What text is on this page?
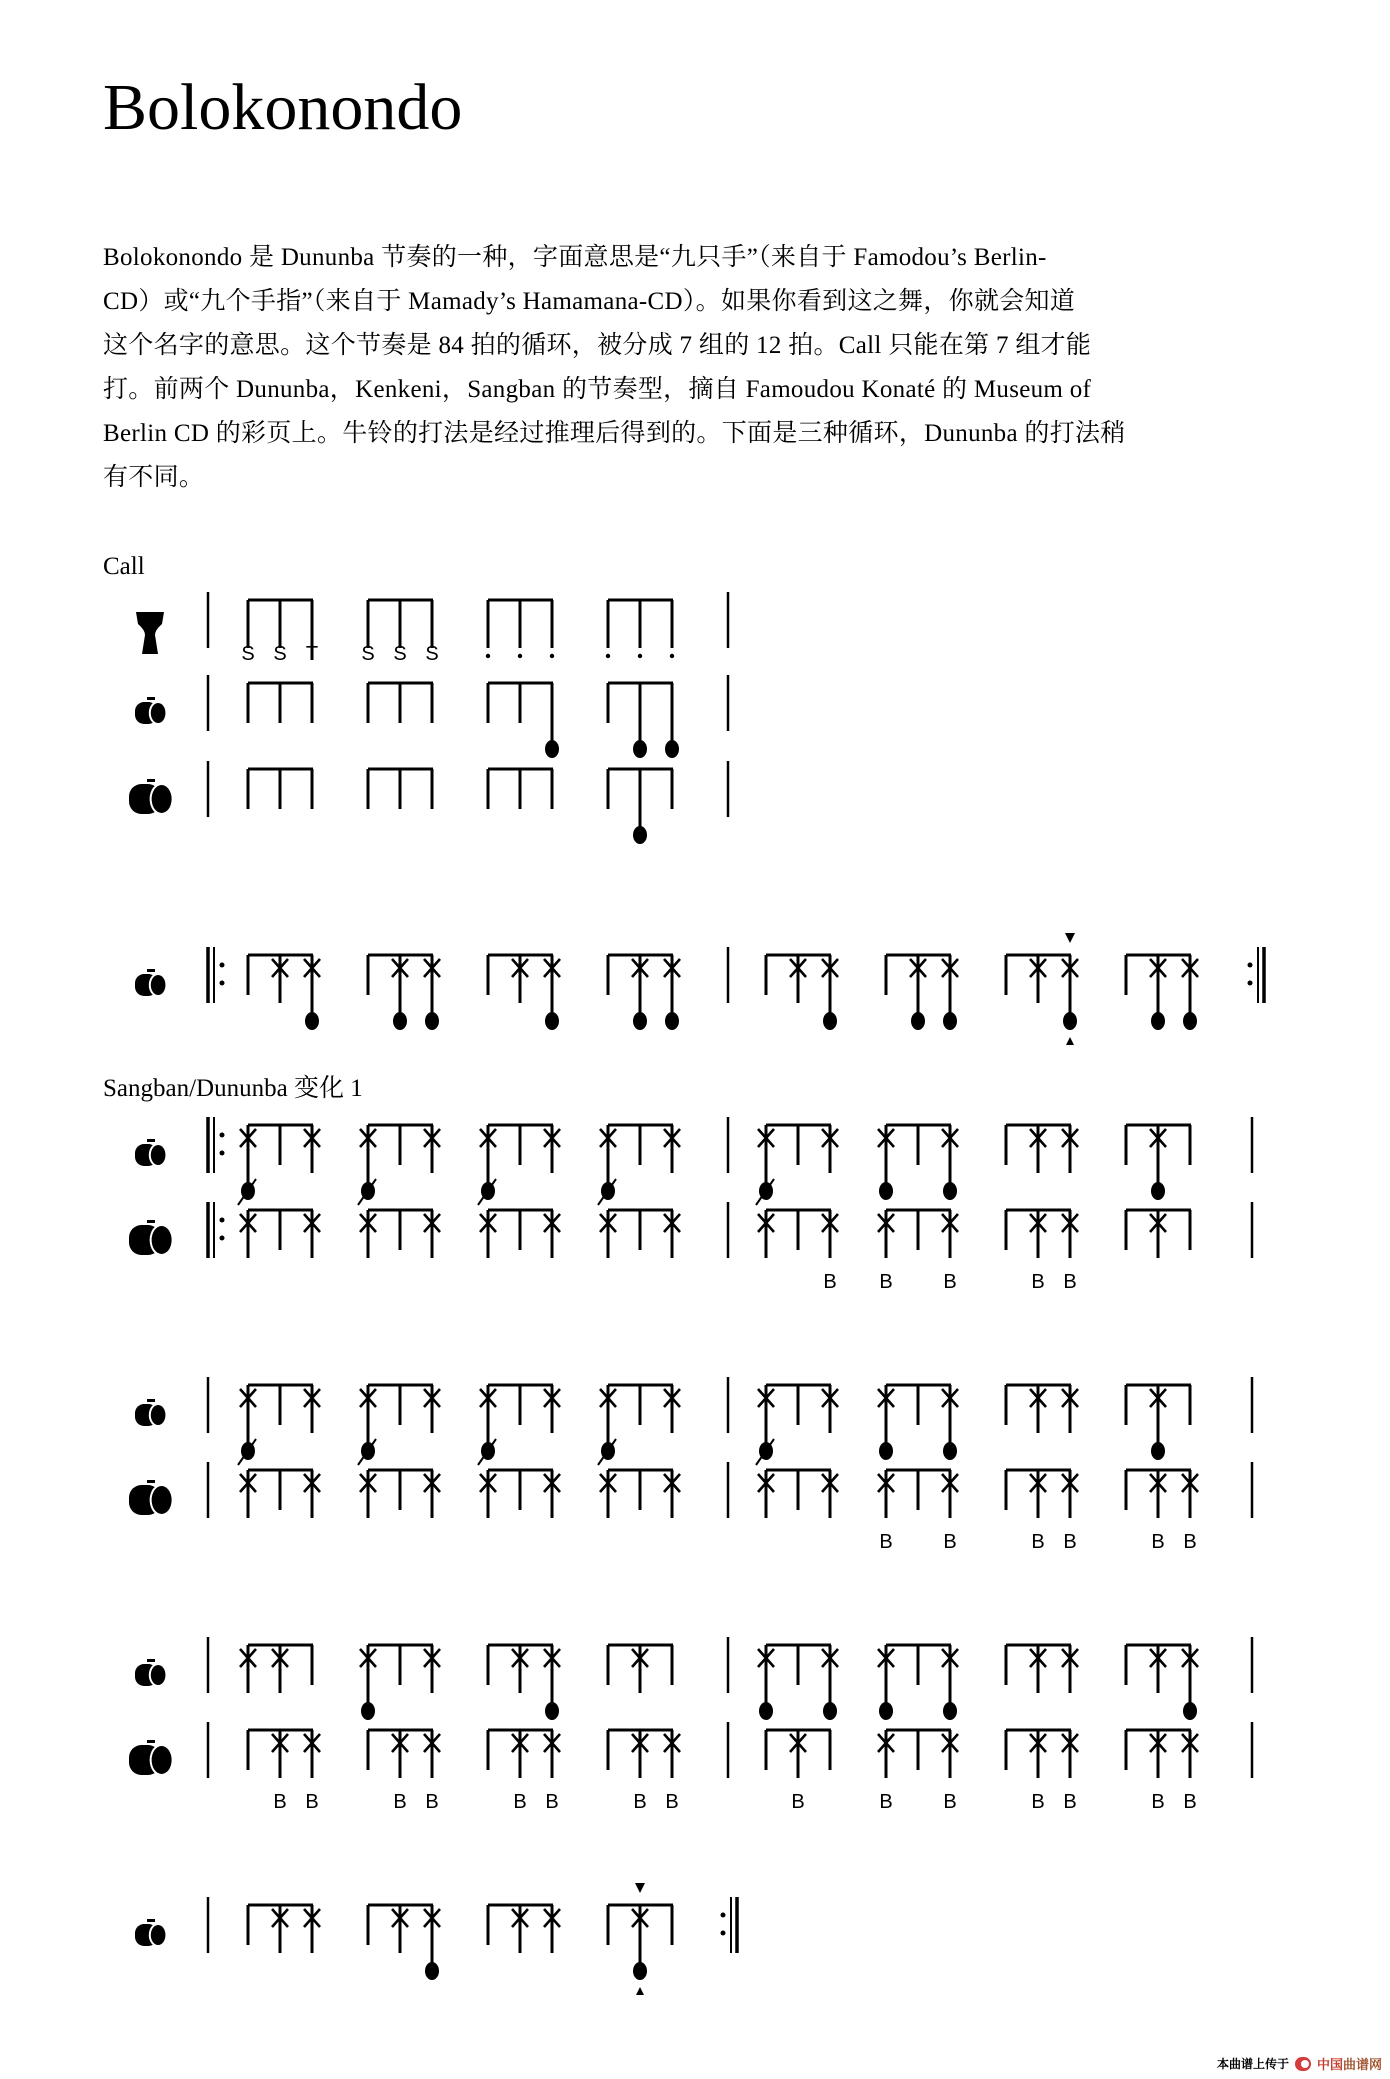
Bolokonondo
Bolokonondo 是 Dununba 节奏的一种，字面意思是“九只手”（来自于 Famodou’s Berlin-
CD）或“九个手指”（来自于 Mamady’s Hamamana-CD）。如果你看到这之舞，你就会知道
这个名字的意思。这个节奏是 84 拍的循环，被分成 7 组的 12 拍。Call 只能在第 7 组才能
打。前两个 Dununba，Kenkeni，Sangban 的节奏型，摘自 Famoudou Konaté 的 Museum of
Berlin CD 的彩页上。牛铃的打法是经过推理后得到的。下面是三种循环，Dununba 的打法稍
有不同。
Call
Sangban/Dununba 变化 1
S S T S S S
B B	B	B B
B	B	B B	B B
B B	B B	B B	B B	B	B	B	B B	B B
本曲谱上传于 中国曲谱网
